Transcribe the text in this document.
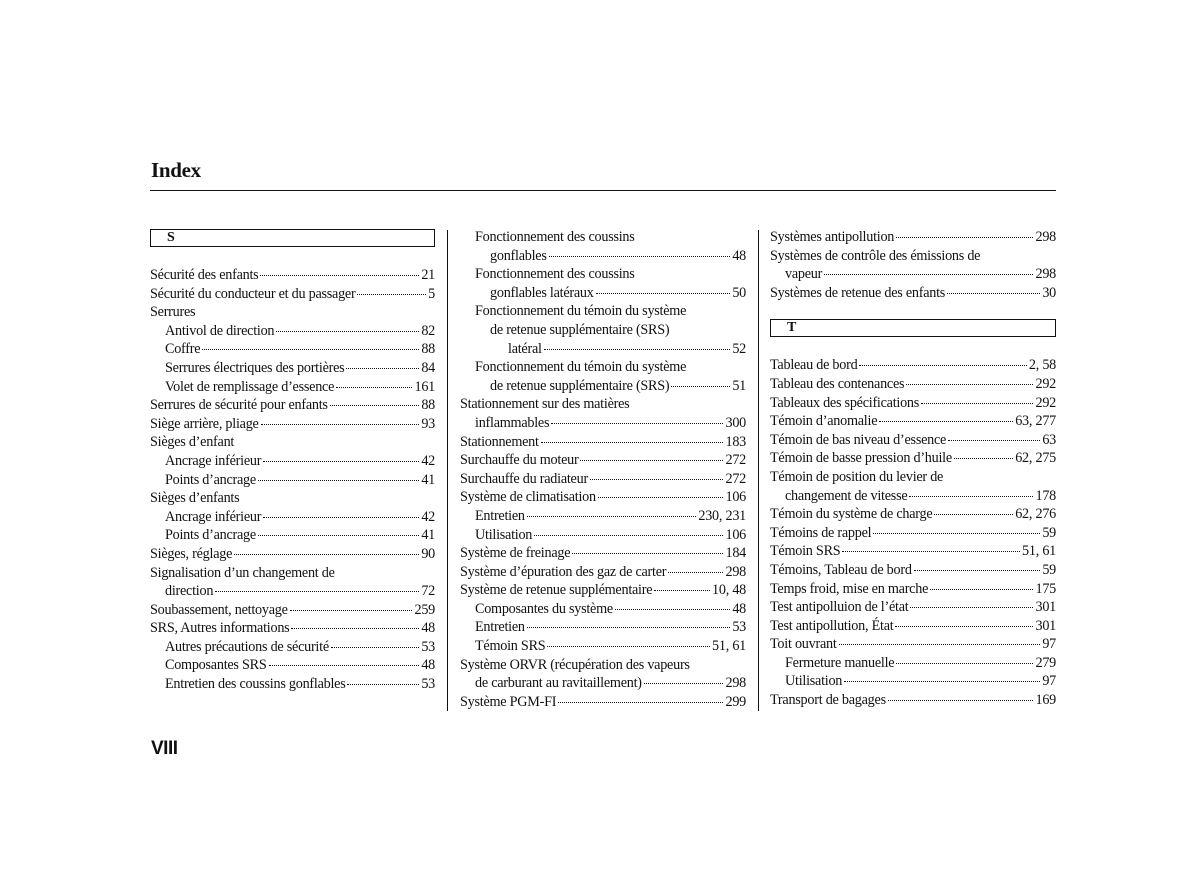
Index
S
Sécurité des enfants	21
Sécurité du conducteur et du passager	5
Serrures
Antivol de direction	82
Coffre	88
Serrures électriques des portières	84
Volet de remplissage d’essence	161
Serrures de sécurité pour enfants	88
Siège arrière, pliage	93
Sièges d’enfant
Ancrage inférieur	42
Points d’ancrage	41
Sièges d’enfants
Ancrage inférieur	42
Points d’ancrage	41
Sièges, réglage	90
Signalisation d’un changement de
direction	72
Soubassement, nettoyage	259
SRS, Autres informations	48
Autres précautions de sécurité	53
Composantes SRS	48
Entretien des coussins gonflables	53
Fonctionnement des coussins
gonflables	48
Fonctionnement des coussins
gonflables latéraux	50
Fonctionnement du témoin du système
de retenue supplémentaire (SRS)
latéral	52
Fonctionnement du témoin du système
de retenue supplémentaire (SRS)	51
Stationnement sur des matières
inflammables	300
Stationnement	183
Surchauffe du moteur	272
Surchauffe du radiateur	272
Système de climatisation	106
Entretien	230, 231
Utilisation	106
Système de freinage	184
Système d’épuration des gaz de carter	298
Système de retenue supplémentaire	10, 48
Composantes du système	48
Entretien	53
Témoin SRS	51, 61
Système ORVR (récupération des vapeurs
de carburant au ravitaillement)	298
Système PGM-FI	299
Systèmes antipollution	298
Systèmes de contrôle des émissions de
vapeur	298
Systèmes de retenue des enfants	30
T
Tableau de bord	2, 58
Tableau des contenances	292
Tableaux des spécifications	292
Témoin d’anomalie	63, 277
Témoin de bas niveau d’essence	63
Témoin de basse pression d’huile	62, 275
Témoin de position du levier de
changement de vitesse	178
Témoin du système de charge	62, 276
Témoins de rappel	59
Témoin SRS	51, 61
Témoins, Tableau de bord	59
Temps froid, mise en marche	175
Test antipolluion de l’état	301
Test antipollution, État	301
Toit ouvrant	97
Fermeture manuelle	279
Utilisation	97
Transport de bagages	169
VIII
